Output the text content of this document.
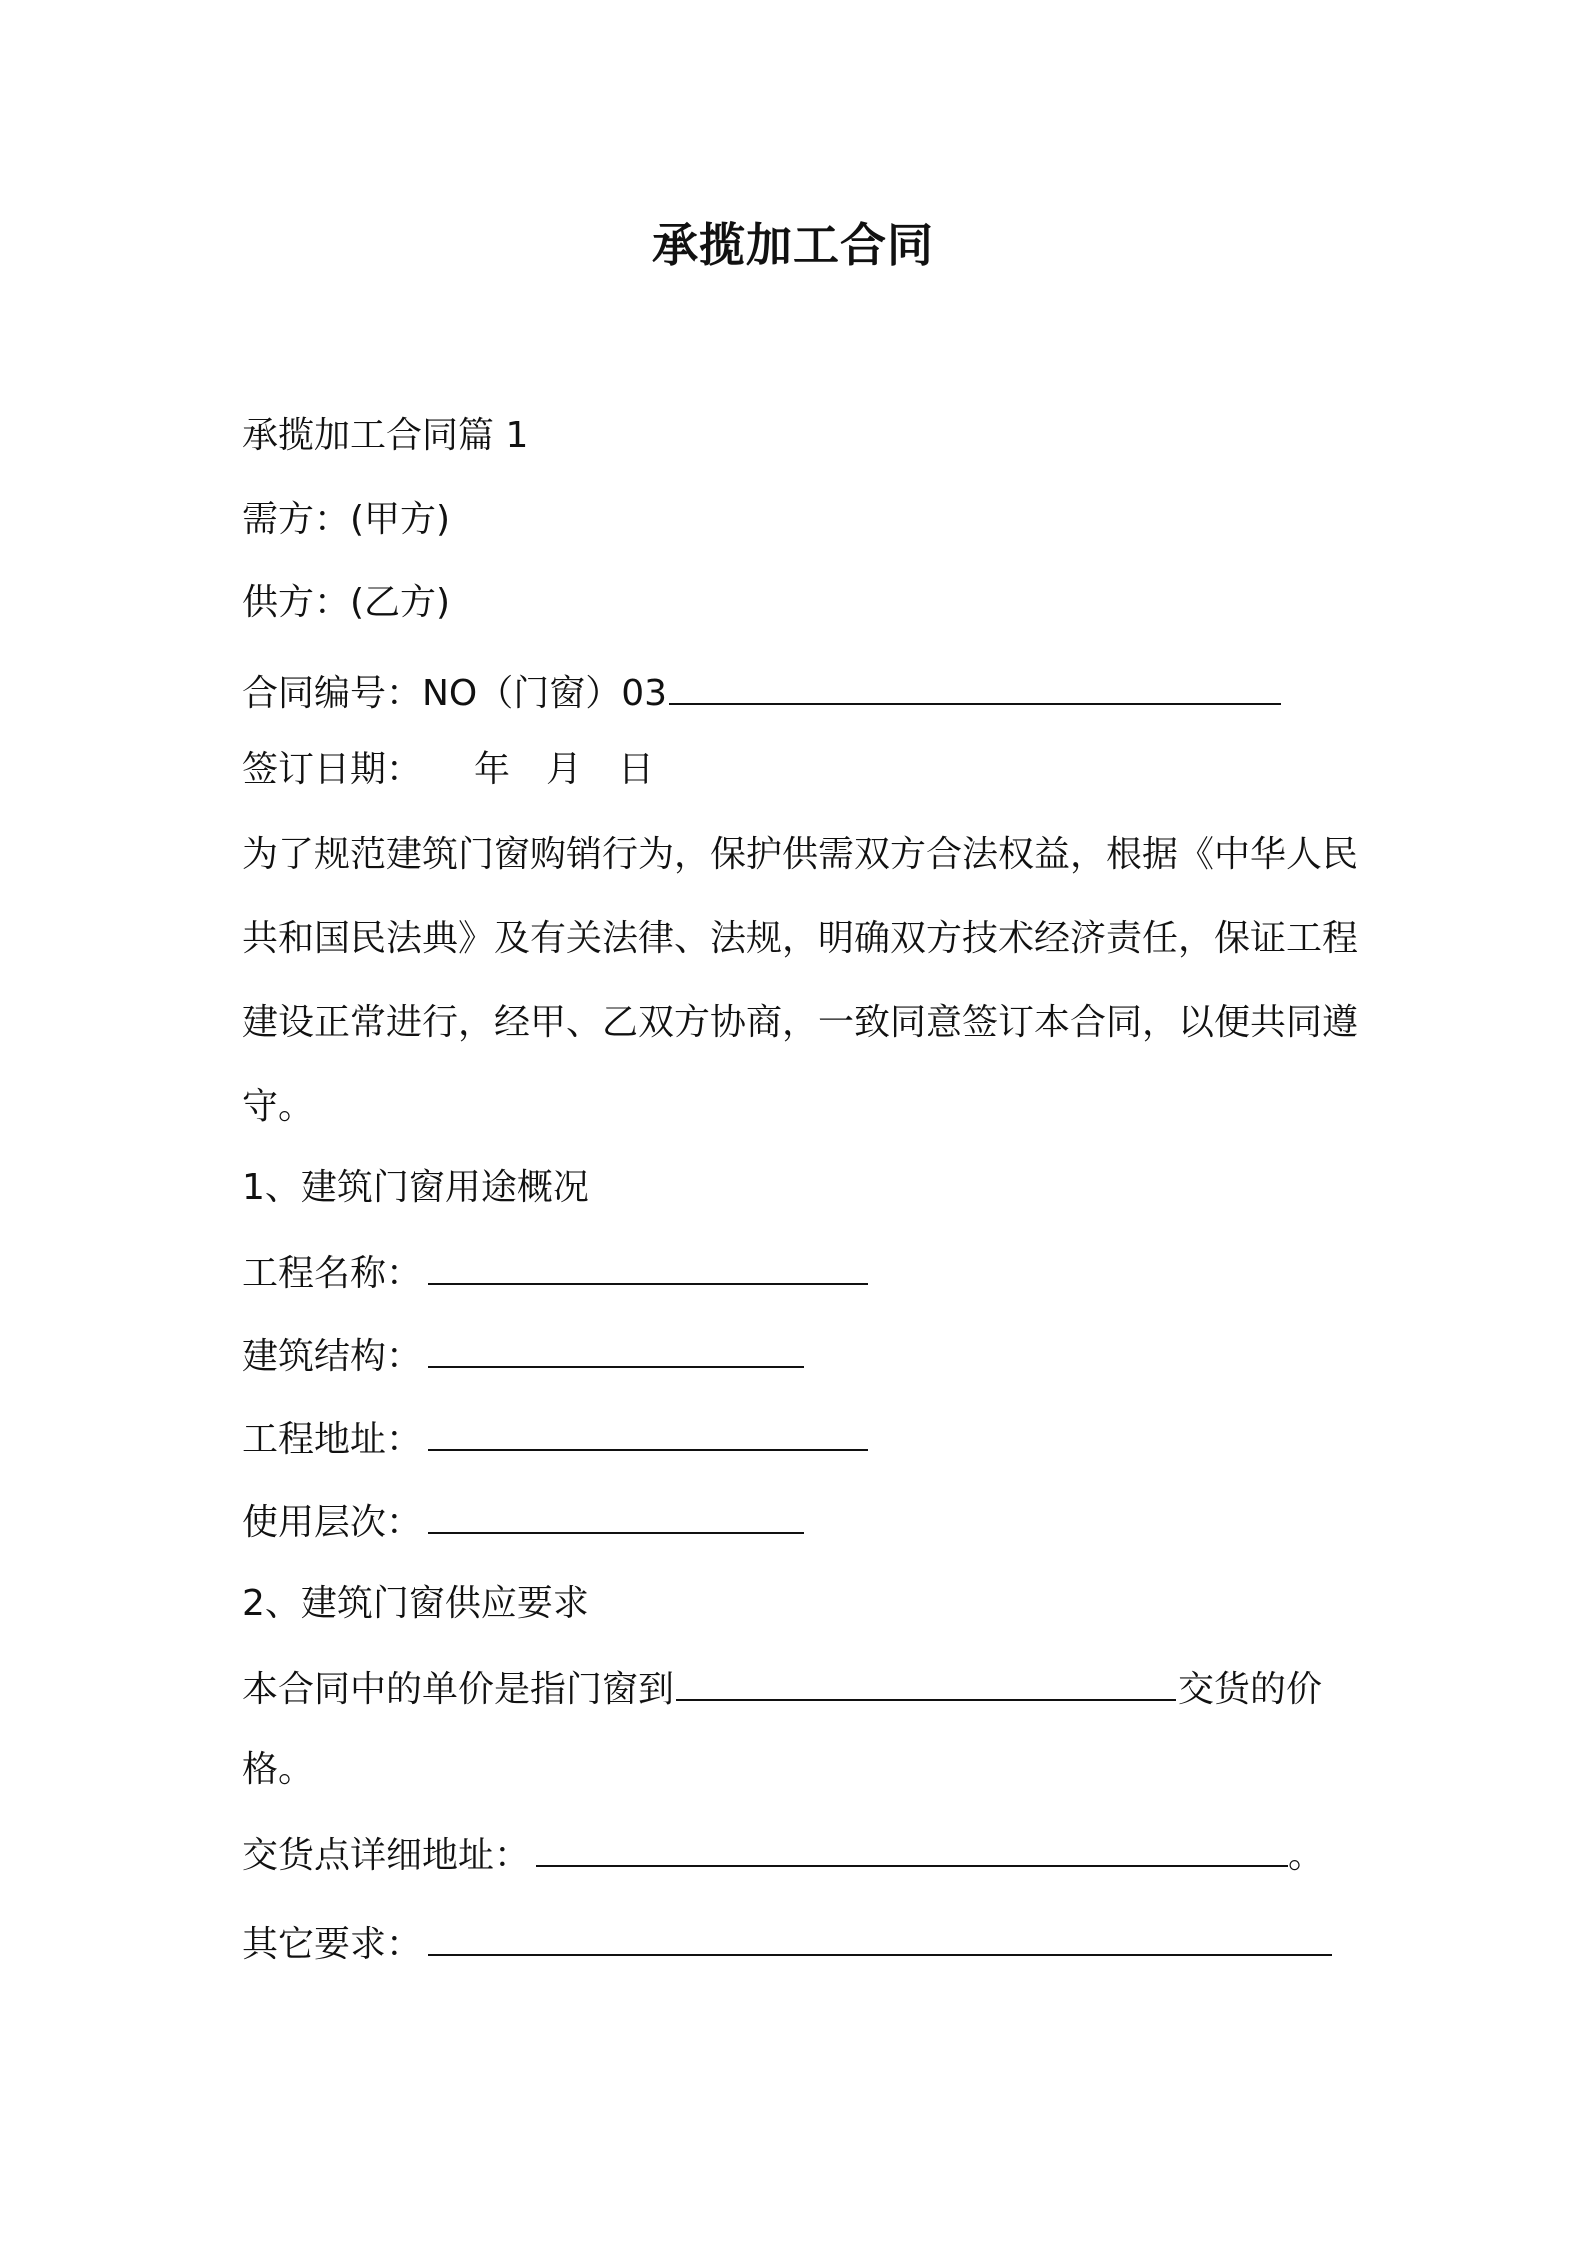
承揽加工合同
承揽加工合同篇 1
需方：(甲方)
供方：(乙方)
合同编号：NO（门窗）03
签订日期： 年 月 日
为了规范建筑门窗购销行为，保护供需双方合法权益，根据《中华人民共和国民法典》及有关法律、法规，明确双方技术经济责任，保证工程建设正常进行，经甲、乙双方协商，一致同意签订本合同，以便共同遵守。
1、建筑门窗用途概况
工程名称：
建筑结构：
工程地址：
使用层次：
2、建筑门窗供应要求
本合同中的单价是指门窗到	交货的价
格。
交货点详细地址：	。
其它要求：
